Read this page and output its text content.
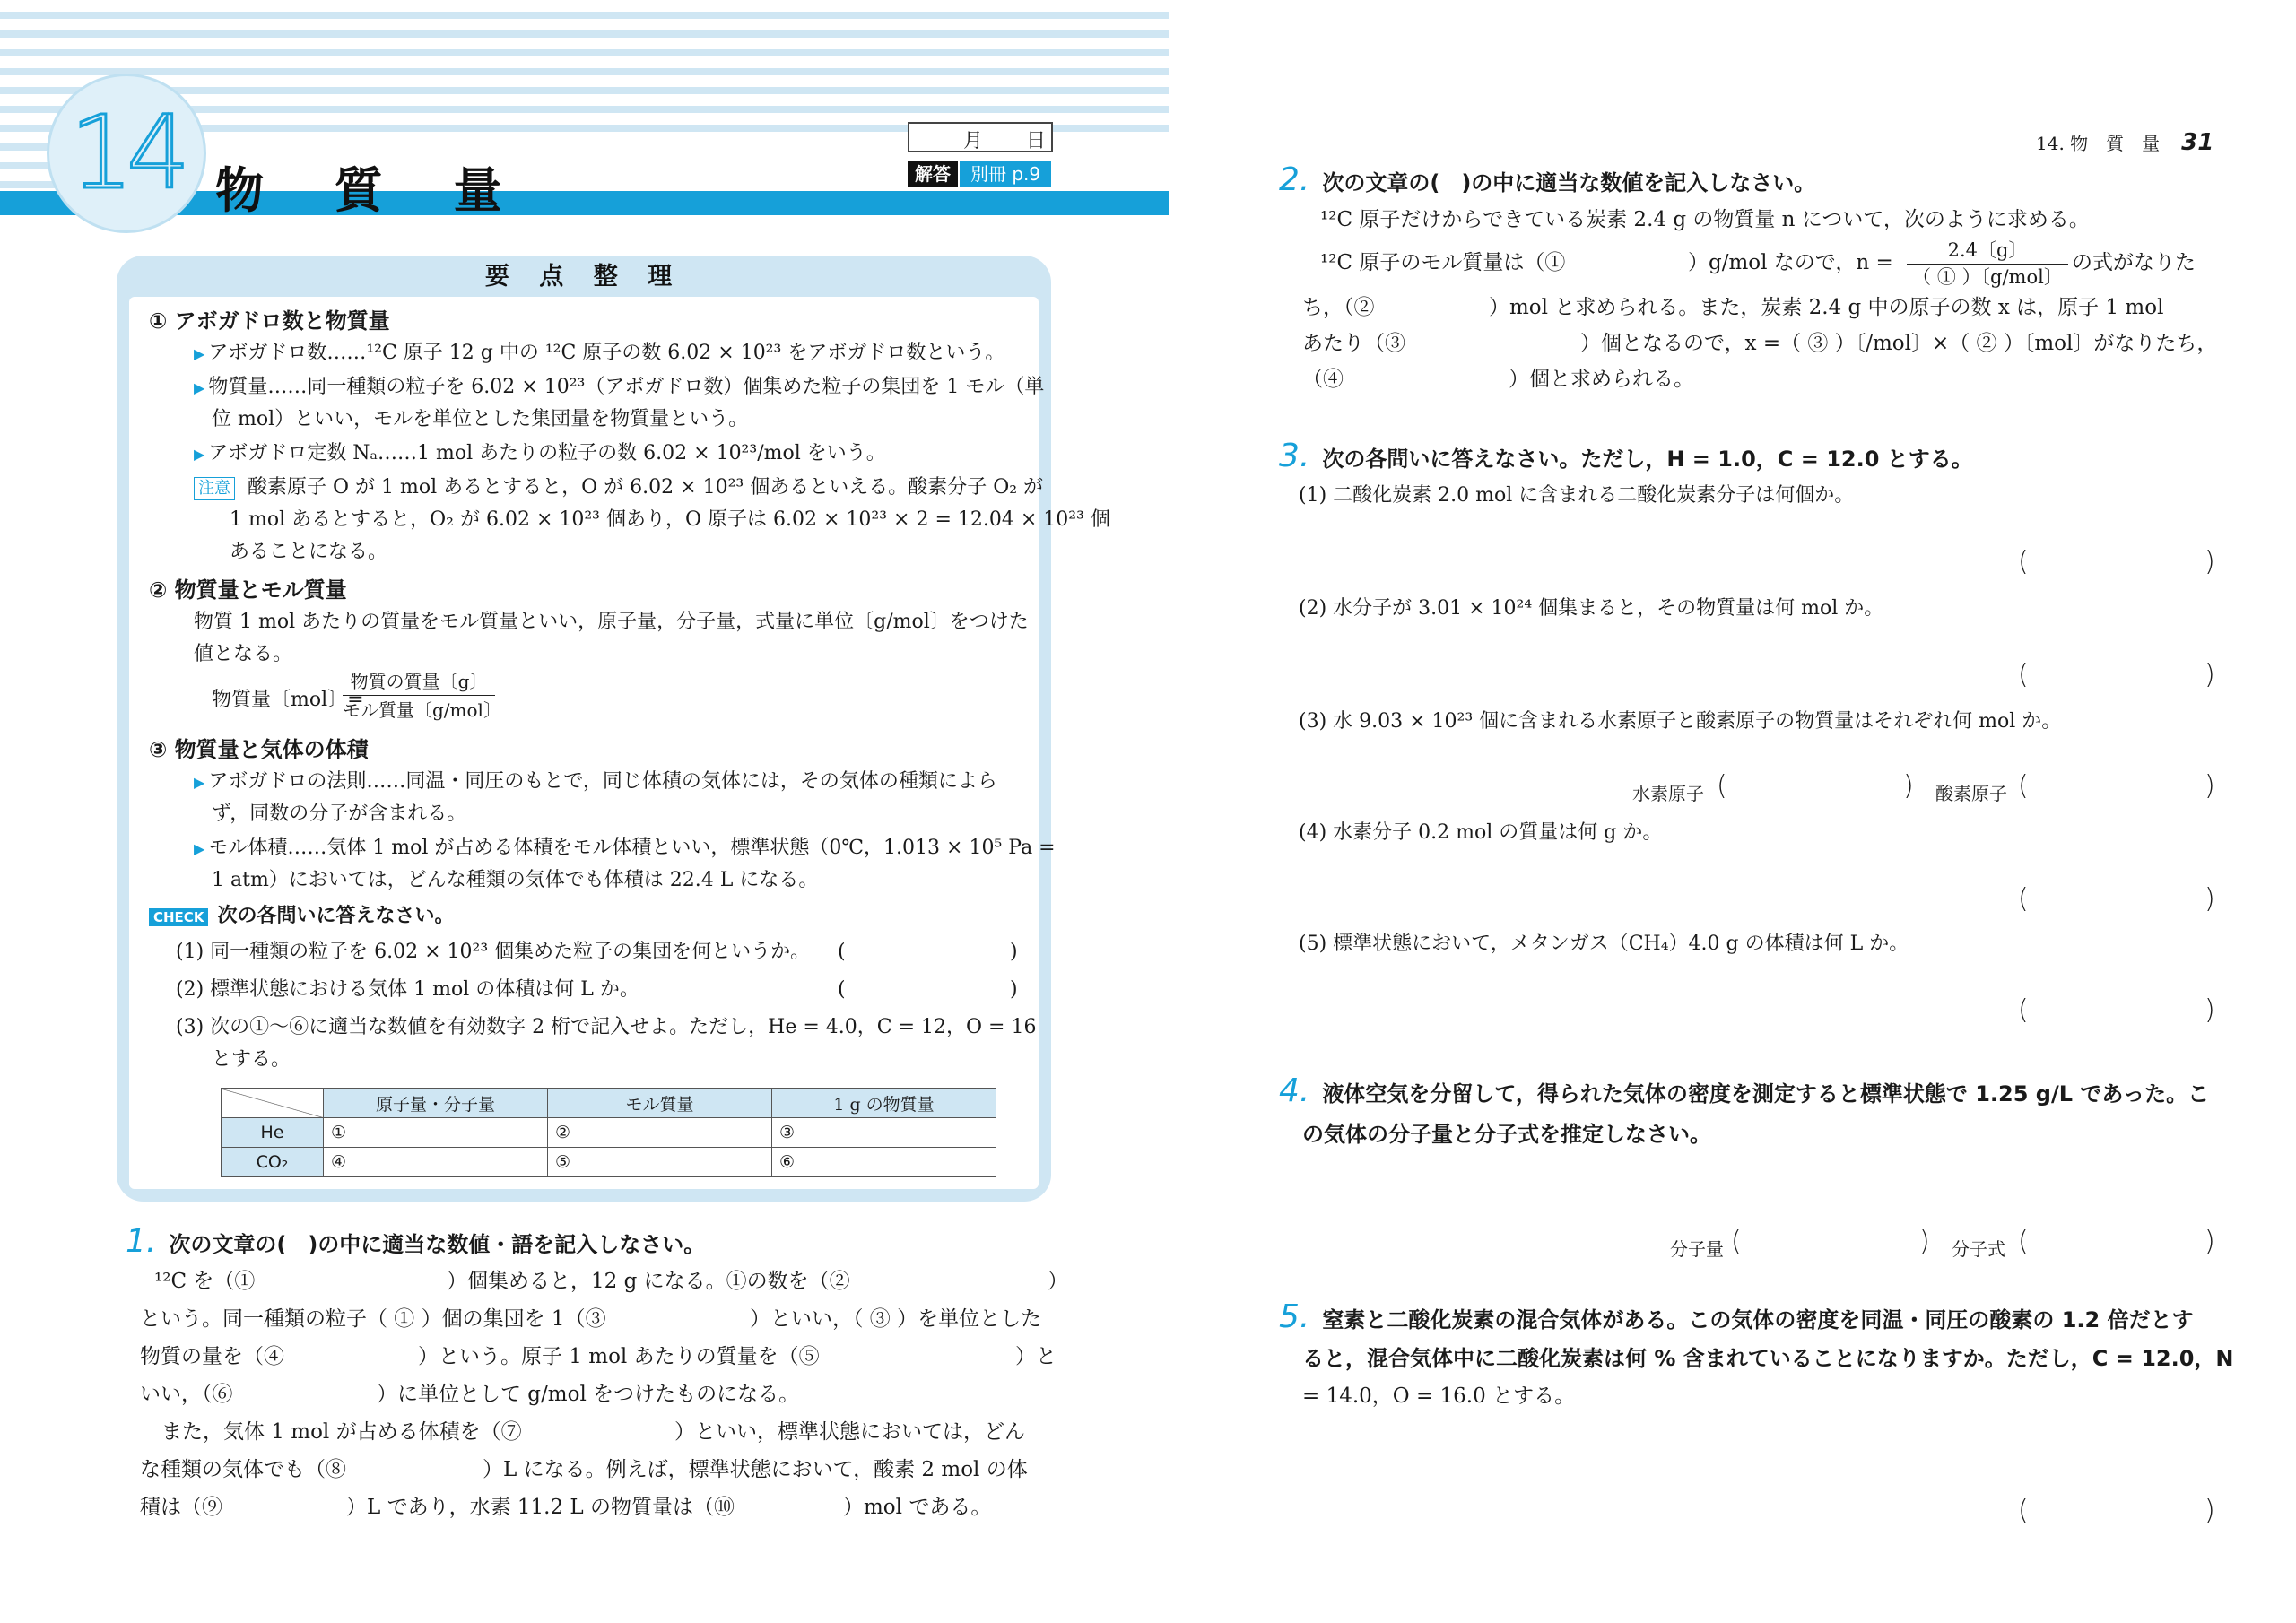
14 物 質 量
月 日
解答	別冊 p.9
要 点 整 理
① アボガドロ数と物質量
▶ アボガドロ数……¹²C 原子 12 g 中の ¹²C 原子の数 6.02 × 10²³ をアボガドロ数という。
▶ 物質量……同一種類の粒子を 6.02 × 10²³（アボガドロ数）個集めた粒子の集団を 1 モル（単
位 mol）といい，モルを単位とした集団量を物質量という。
▶ アボガドロ定数 Nₐ……1 mol あたりの粒子の数 6.02 × 10²³/mol をいう。
注意 酸素原子 O が 1 mol あるとすると，O が 6.02 × 10²³ 個あるといえる。酸素分子 O₂ が
1 mol あるとすると，O₂ が 6.02 × 10²³ 個あり，O 原子は 6.02 × 10²³ × 2 = 12.04 × 10²³ 個
あることになる。
② 物質量とモル質量
物質 1 mol あたりの質量をモル質量といい，原子量，分子量，式量に単位〔g/mol〕をつけた
値となる。
物質量〔mol〕=
物質の質量〔g〕
モル質量〔g/mol〕
③ 物質量と気体の体積
▶ アボガドロの法則……同温・同圧のもとで，同じ体積の気体には，その気体の種類によら
ず，同数の分子が含まれる。
▶ モル体積……気体 1 mol が占める体積をモル体積といい，標準状態（0℃，1.013 × 10⁵ Pa =
1 atm）においては，どんな種類の気体でも体積は 22.4 L になる。
CHECK 次の各問いに答えなさい。
(1) 同一種類の粒子を 6.02 × 10²³ 個集めた粒子の集団を何というか。 (	)
(2) 標準状態における気体 1 mol の体積は何 L か。	(	)
(3) 次の①～⑥に適当な数値を有効数字 2 桁で記入せよ。ただし，He = 4.0，C = 12，O = 16
とする。
	原子量・分子量	モル質量	1 g の物質量
He	①	②	③
CO₂	④	⑤	⑥
1. 次の文章の(　)の中に適当な数値・語を記入しなさい。
¹²C を（①	）個集めると，12 g になる。①の数を（②	）
という。同一種類の粒子（ ① ）個の集団を 1（③	）といい，（ ③ ）を単位とした
物質の量を（④	）という。原子 1 mol あたりの質量を（⑤	）と
いい，（⑥	）に単位として g/mol をつけたものになる。
また，気体 1 mol が占める体積を（⑦	）といい，標準状態においては，どん
な種類の気体でも（⑧	）L になる。例えば，標準状態において，酸素 2 mol の体
積は（⑨	）L であり，水素 11.2 L の物質量は（⑩	）mol である。
14. 物　質　量 31
2. 次の文章の(　)の中に適当な数値を記入しなさい。
¹²C 原子だけからできている炭素 2.4 g の物質量 n について，次のように求める。
¹²C 原子のモル質量は（①	）g/mol なので，n =
2.4〔g〕
（ ① ）〔g/mol〕
の式がなりた
ち，（②	）mol と求められる。また，炭素 2.4 g 中の原子の数 x は，原子 1 mol
あたり（③	）個となるので，x =（ ③ ）〔/mol〕×（ ② ）〔mol〕がなりたち，
（④	）個と求められる。
3. 次の各問いに答えなさい。ただし，H = 1.0，C = 12.0 とする。
(1) 二酸化炭素 2.0 mol に含まれる二酸化炭素分子は何個か。
(	)
(2) 水分子が 3.01 × 10²⁴ 個集まると，その物質量は何 mol か。
(	)
(3) 水 9.03 × 10²³ 個に含まれる水素原子と酸素原子の物質量はそれぞれ何 mol か。
水素原子 (	) 酸素原子 (	)
(4) 水素分子 0.2 mol の質量は何 g か。
(	)
(5) 標準状態において，メタンガス（CH₄）4.0 g の体積は何 L か。
(	)
4. 液体空気を分留して，得られた気体の密度を測定すると標準状態で 1.25 g/L であった。こ
の気体の分子量と分子式を推定しなさい。
分子量 (	) 分子式 (	)
5. 窒素と二酸化炭素の混合気体がある。この気体の密度を同温・同圧の酸素の 1.2 倍だとす
ると，混合気体中に二酸化炭素は何 % 含まれていることになりますか。ただし，C = 12.0，N
= 14.0，O = 16.0 とする。
(	)
